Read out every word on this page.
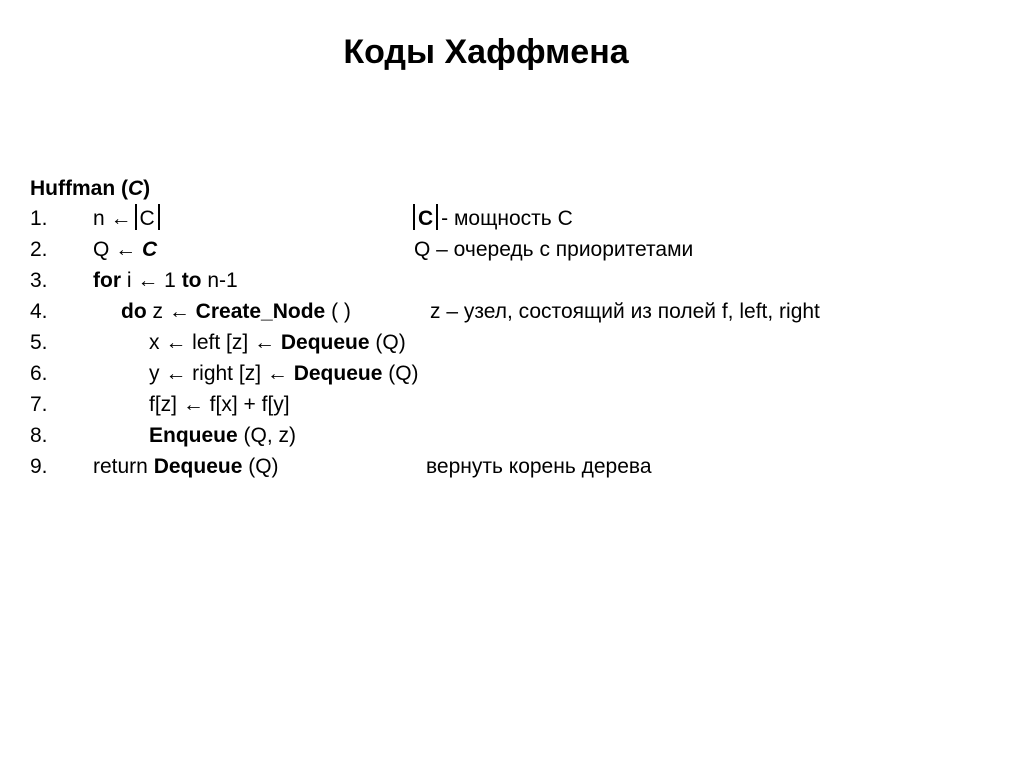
Коды Хаффмена
Huffman (C)
1. n ← C	C - мощность C
2. Q ← C	Q – очередь с приоритетами
3. for i ← 1 to n-1
4.	do z ← Create_Node ( )	z – узел, состоящий из полей f, left, right
5.	x ← left [z] ← Dequeue (Q)
6.	y ← right [z] ← Dequeue (Q)
7.	f[z] ← f[x] + f[y]
8.	Enqueue (Q, z)
9. return Dequeue (Q)	вернуть корень дерева
